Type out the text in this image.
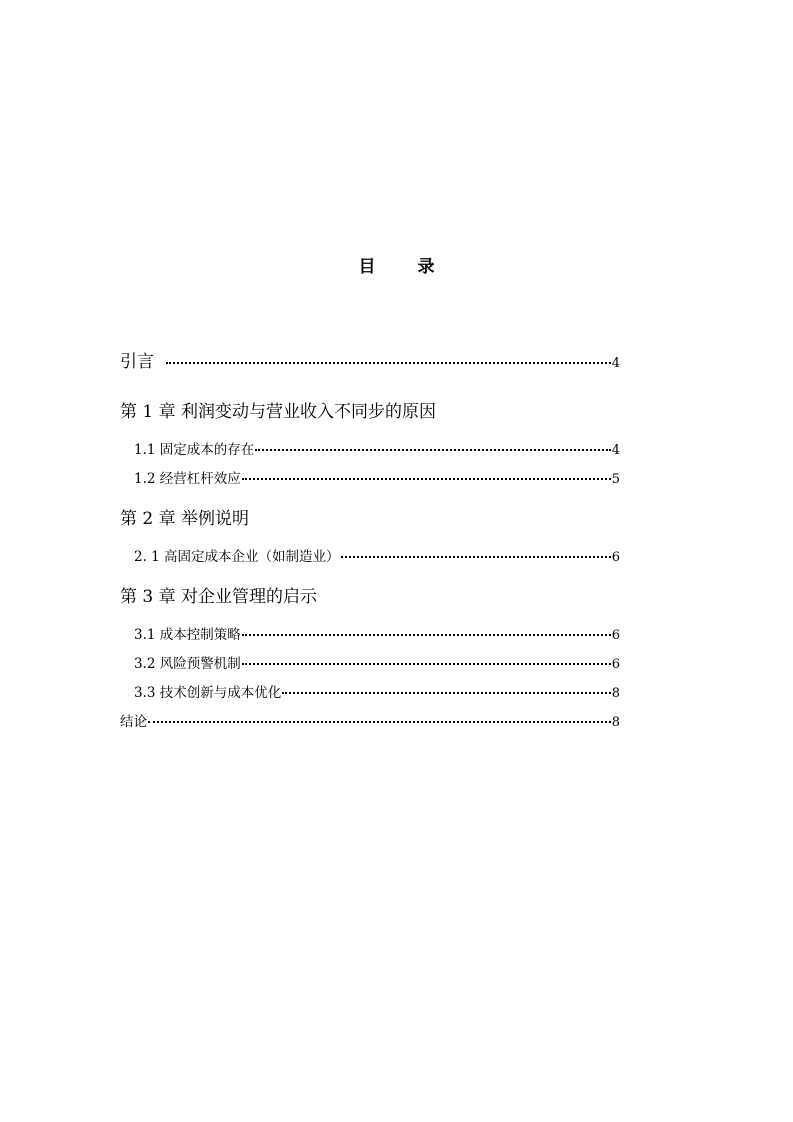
目 录
引言	4
第 1 章 利润变动与营业收入不同步的原因
1.1 固定成本的存在	4
1.2 经营杠杆效应	5
第 2 章 举例说明
2. 1 高固定成本企业（如制造业）	6
第 3 章 对企业管理的启示
3.1 成本控制策略	6
3.2 风险预警机制	6
3.3 技术创新与成本优化	8
结论	8
